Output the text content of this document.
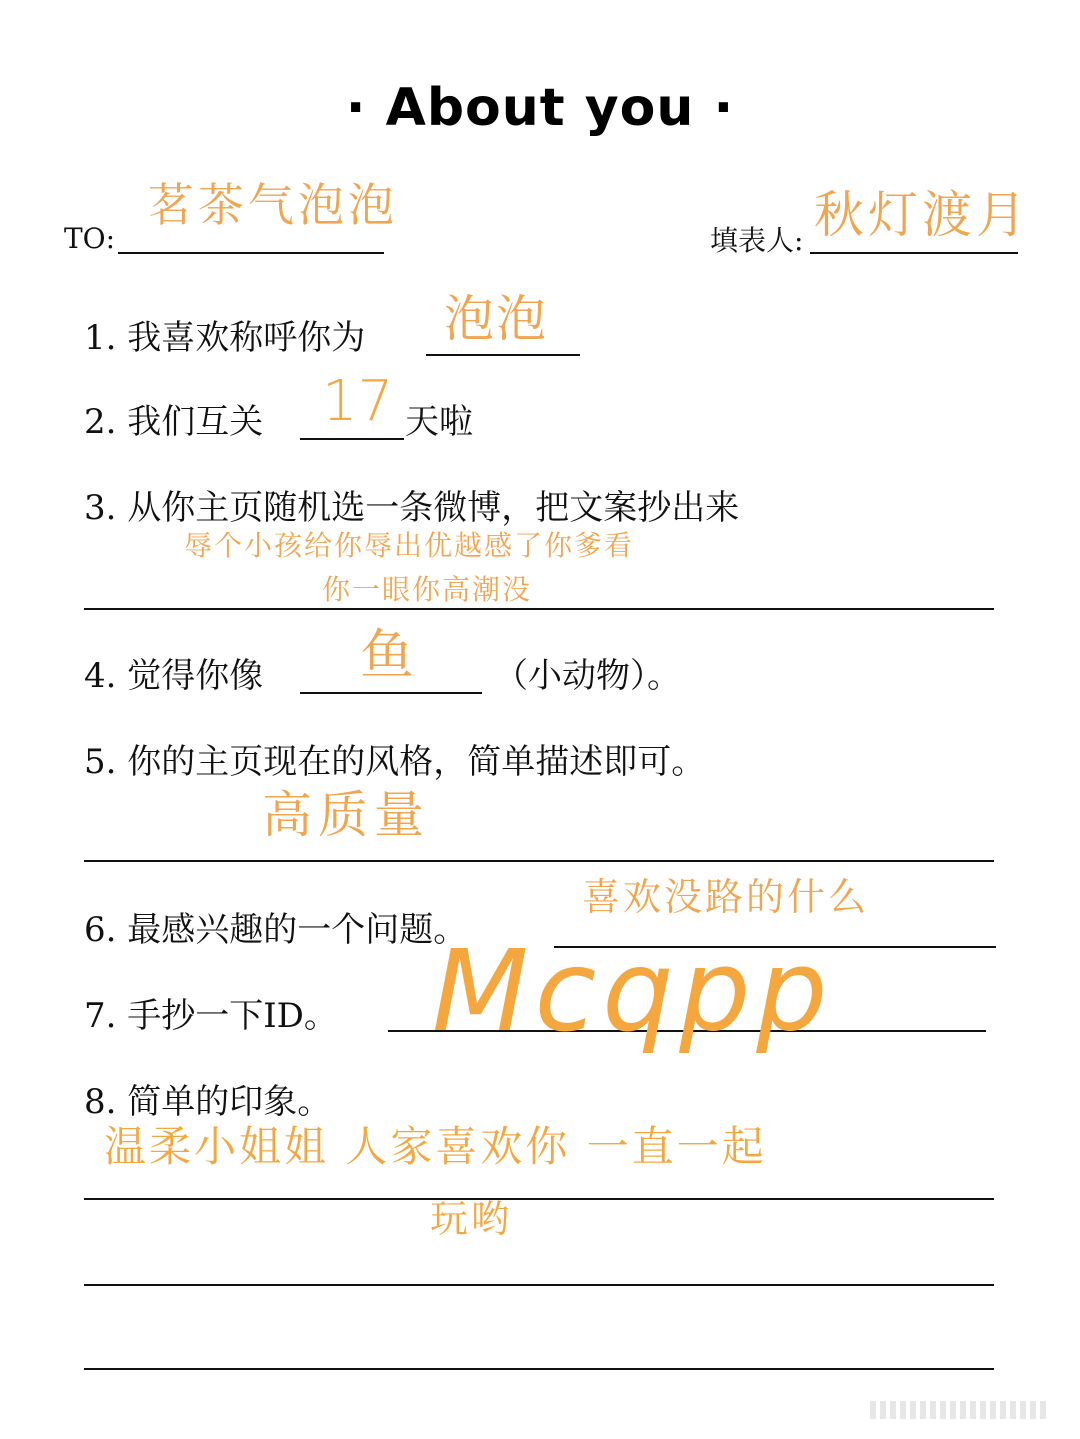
· About you ·
TO:
茗茶气泡泡
填表人: 秋灯渡月
1. 我喜欢称呼你为 泡泡
2. 我们互关 17 天啦
3. 从你主页随机选一条微博，把文案抄出来
辱个小孩给你辱出优越感了你爹看
你一眼你高潮没
4. 觉得你像 鱼 （小动物）。
5. 你的主页现在的风格，简单描述即可。
高质量
6. 最感兴趣的一个问题。
喜欢没路的什么
7. 手抄一下ID。 Mcqpp
8. 简单的印象。
温柔小姐姐 人家喜欢你 一直一起
玩哟
